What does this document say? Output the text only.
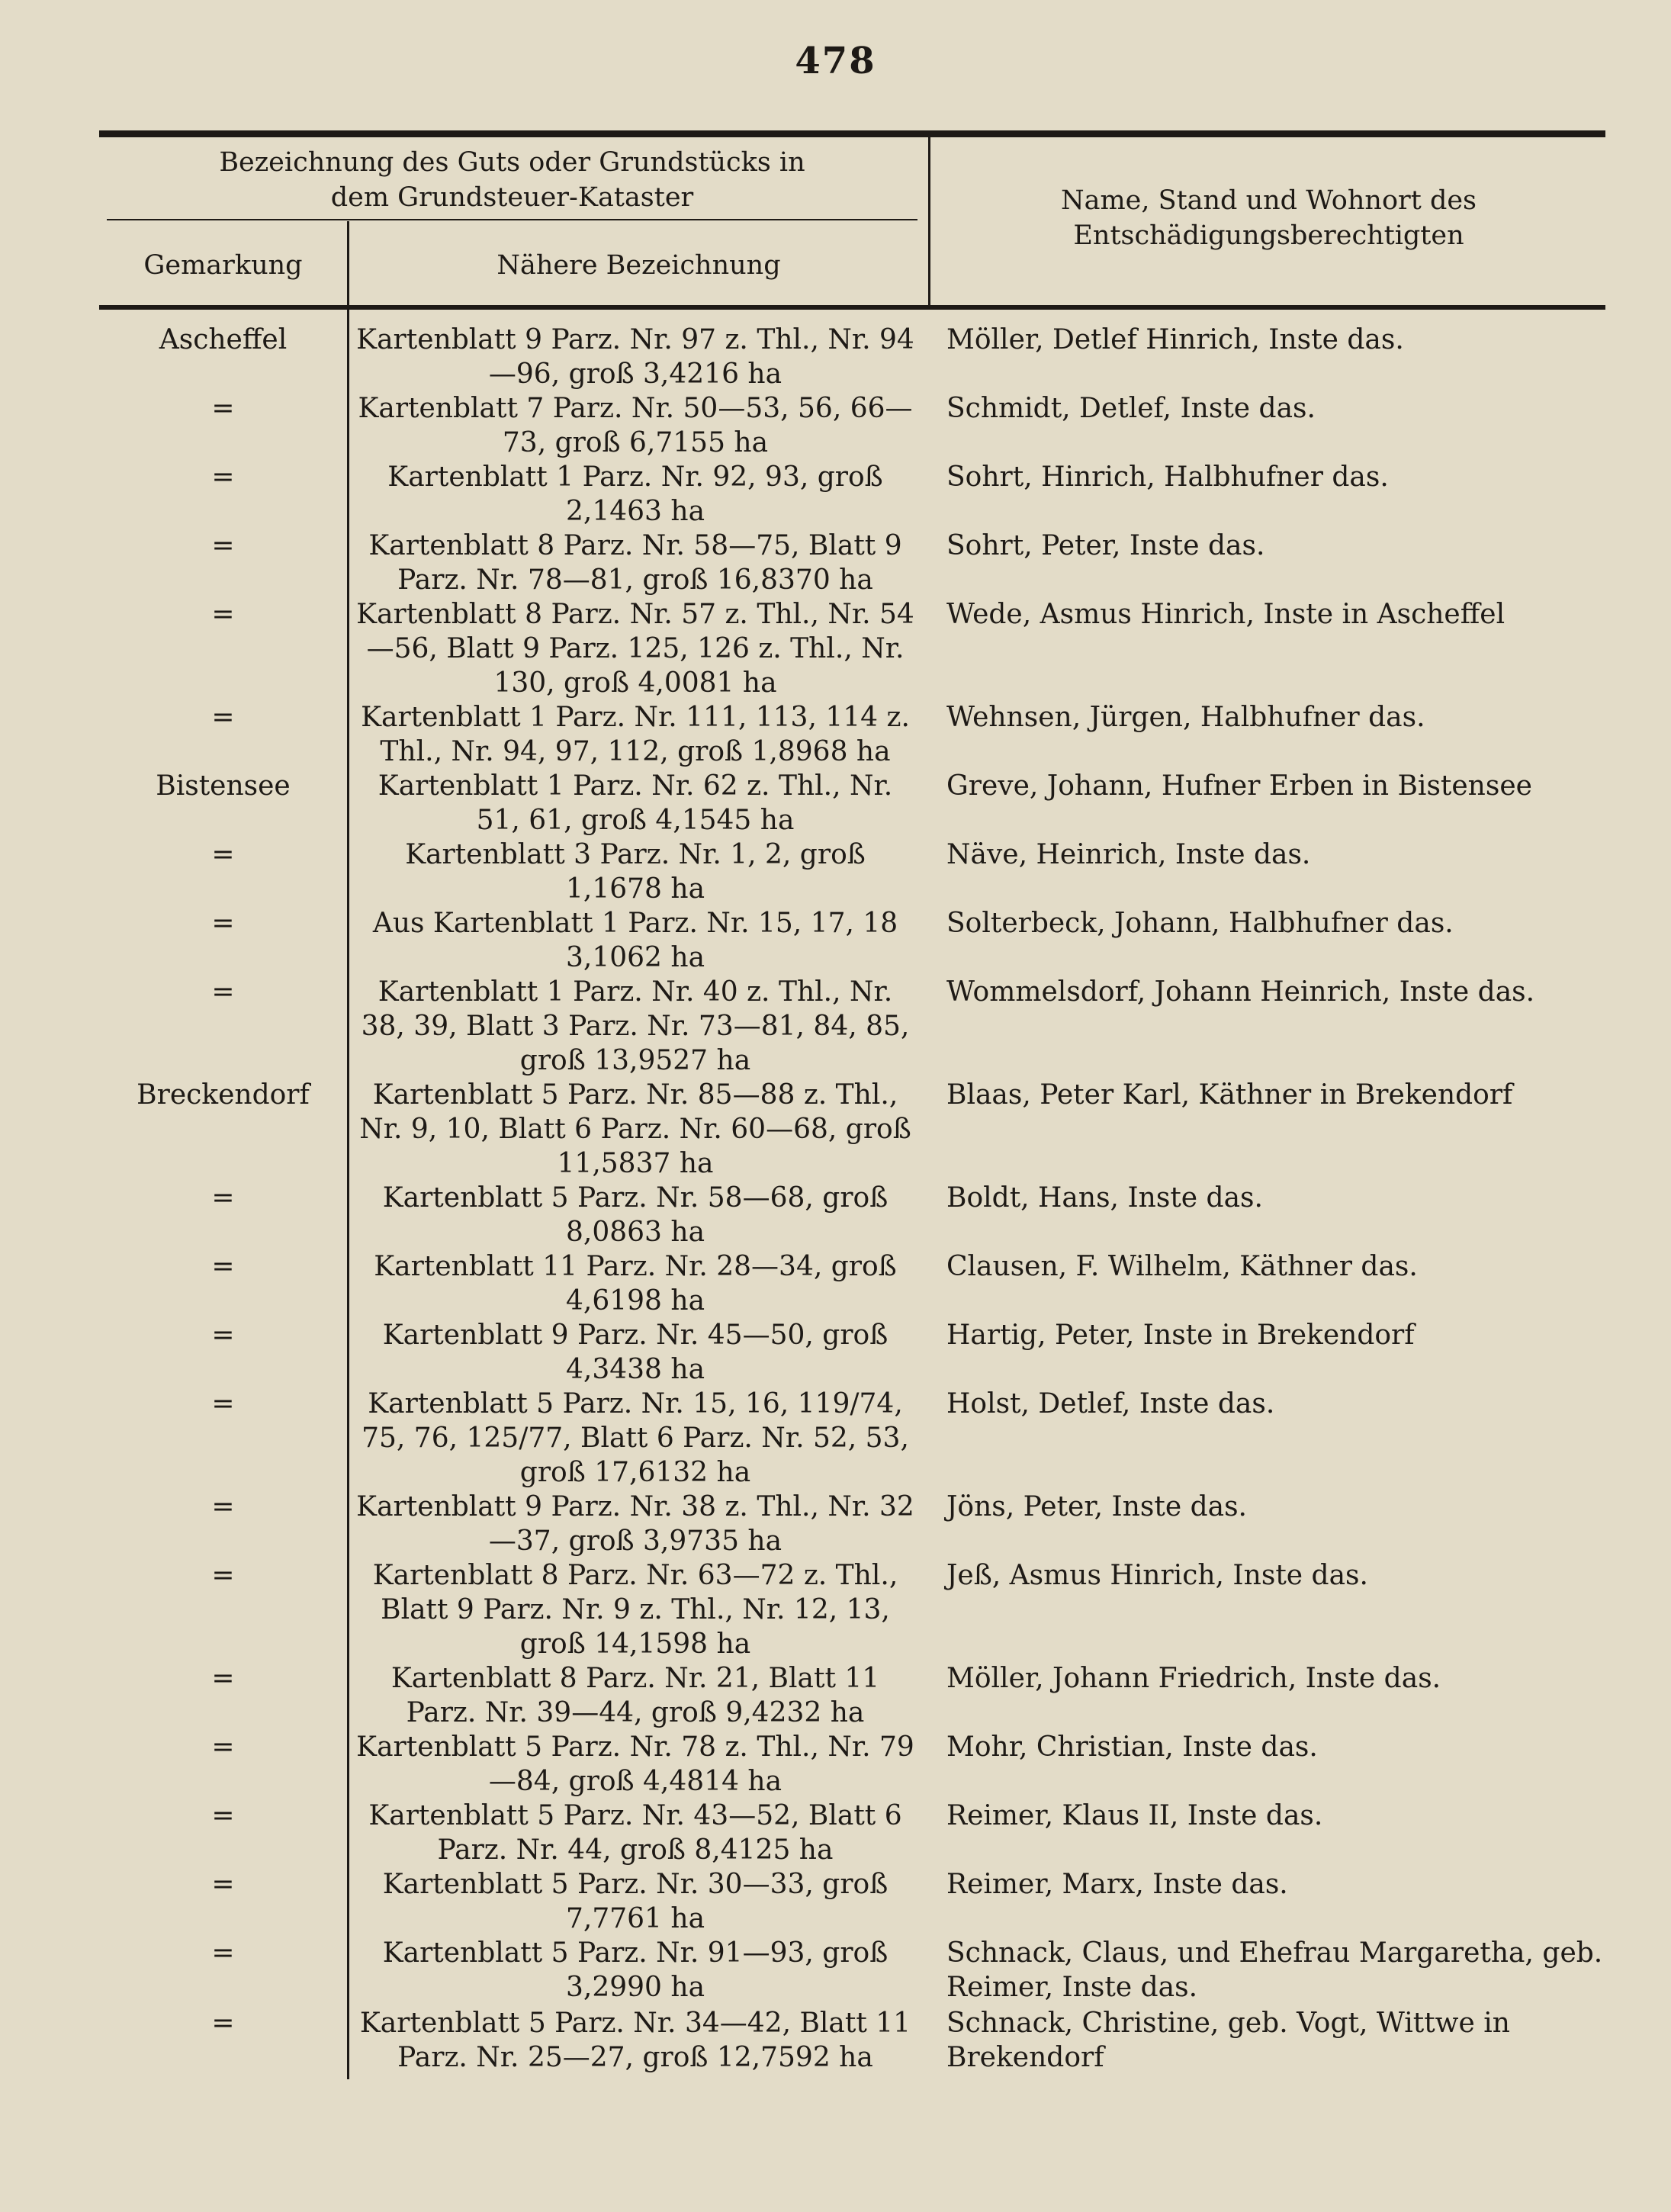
478
Bezeichnung des Guts oder Grundstücks in
dem Grundsteuer-Kataster
Gemarkung	Nähere Bezeichnung
Name, Stand und Wohnort des
Entschädigungsberechtigten
Ascheffel	Kartenblatt 9 Parz. Nr. 97 z. Thl., Nr. 94—96, groß 3,4216 ha	Möller, Detlef Hinrich, Inste das.
=	Kartenblatt 7 Parz. Nr. 50—53, 56, 66—73, groß 6,7155 ha	Schmidt, Detlef, Inste das.
=	Kartenblatt 1 Parz. Nr. 92, 93, groß 2,1463 ha	Sohrt, Hinrich, Halbhufner das.
=	Kartenblatt 8 Parz. Nr. 58—75, Blatt 9 Parz. Nr. 78—81, groß 16,8370 ha	Sohrt, Peter, Inste das.
=	Kartenblatt 8 Parz. Nr. 57 z. Thl., Nr. 54—56, Blatt 9 Parz. 125, 126 z. Thl., Nr. 130, groß 4,0081 ha	Wede, Asmus Hinrich, Inste in Ascheffel
=	Kartenblatt 1 Parz. Nr. 111, 113, 114 z. Thl., Nr. 94, 97, 112, groß 1,8968 ha	Wehnsen, Jürgen, Halbhufner das.
Bistensee	Kartenblatt 1 Parz. Nr. 62 z. Thl., Nr. 51, 61, groß 4,1545 ha	Greve, Johann, Hufner Erben in Bistensee
=	Kartenblatt 3 Parz. Nr. 1, 2, groß 1,1678 ha	Näve, Heinrich, Inste das.
=	Aus Kartenblatt 1 Parz. Nr. 15, 17, 18 3,1062 ha	Solterbeck, Johann, Halbhufner das.
=	Kartenblatt 1 Parz. Nr. 40 z. Thl., Nr. 38, 39, Blatt 3 Parz. Nr. 73—81, 84, 85, groß 13,9527 ha	Wommelsdorf, Johann Heinrich, Inste das.
Breckendorf	Kartenblatt 5 Parz. Nr. 85—88 z. Thl., Nr. 9, 10, Blatt 6 Parz. Nr. 60—68, groß 11,5837 ha	Blaas, Peter Karl, Käthner in Brekendorf
=	Kartenblatt 5 Parz. Nr. 58—68, groß 8,0863 ha	Boldt, Hans, Inste das.
=	Kartenblatt 11 Parz. Nr. 28—34, groß 4,6198 ha	Clausen, F. Wilhelm, Käthner das.
=	Kartenblatt 9 Parz. Nr. 45—50, groß 4,3438 ha	Hartig, Peter, Inste in Brekendorf
=	Kartenblatt 5 Parz. Nr. 15, 16, 119/74, 75, 76, 125/77, Blatt 6 Parz. Nr. 52, 53, groß 17,6132 ha	Holst, Detlef, Inste das.
=	Kartenblatt 9 Parz. Nr. 38 z. Thl., Nr. 32—37, groß 3,9735 ha	Jöns, Peter, Inste das.
=	Kartenblatt 8 Parz. Nr. 63—72 z. Thl., Blatt 9 Parz. Nr. 9 z. Thl., Nr. 12, 13, groß 14,1598 ha	Jeß, Asmus Hinrich, Inste das.
=	Kartenblatt 8 Parz. Nr. 21, Blatt 11 Parz. Nr. 39—44, groß 9,4232 ha	Möller, Johann Friedrich, Inste das.
=	Kartenblatt 5 Parz. Nr. 78 z. Thl., Nr. 79—84, groß 4,4814 ha	Mohr, Christian, Inste das.
=	Kartenblatt 5 Parz. Nr. 43—52, Blatt 6 Parz. Nr. 44, groß 8,4125 ha	Reimer, Klaus II, Inste das.
=	Kartenblatt 5 Parz. Nr. 30—33, groß 7,7761 ha	Reimer, Marx, Inste das.
=	Kartenblatt 5 Parz. Nr. 91—93, groß 3,2990 ha	Schnack, Claus, und Ehefrau Margaretha, geb. Reimer, Inste das.
=	Kartenblatt 5 Parz. Nr. 34—42, Blatt 11 Parz. Nr. 25—27, groß 12,7592 ha	Schnack, Christine, geb. Vogt, Wittwe in Brekendorf
